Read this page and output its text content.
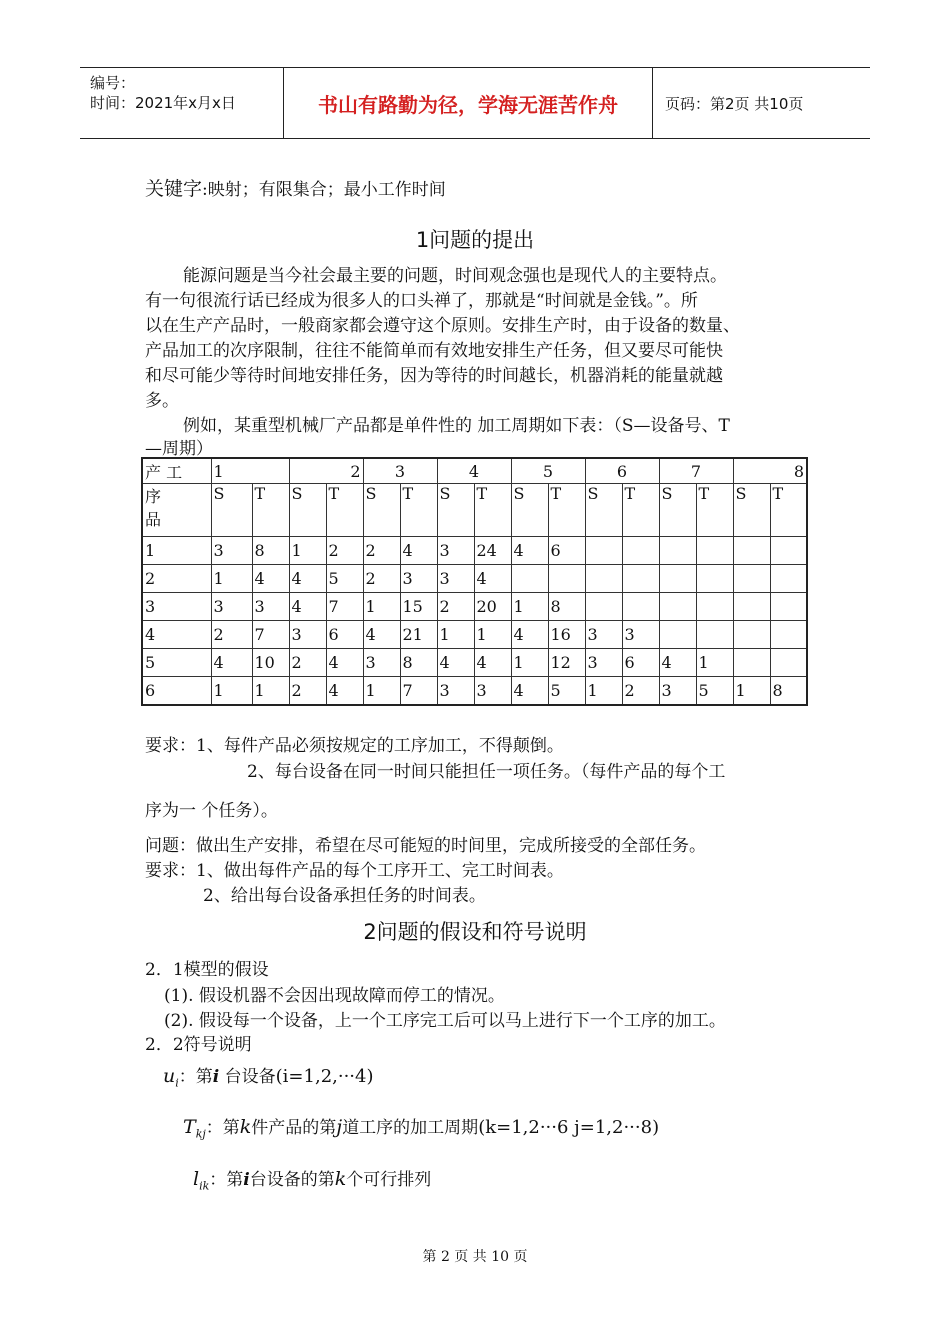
编号：
时间：2021年x月x日	书山有路勤为径，学海无涯苦作舟	页码：第2页 共10页
关键字:映射；有限集合；最小工作时间
1问题的提出
能源问题是当今社会最主要的问题，时间观念强也是现代人的主要特点。
有一句很流行话已经成为很多人的口头禅了，那就是“时间就是金钱。”。所
以在生产产品时，一般商家都会遵守这个原则。安排生产时，由于设备的数量、
产品加工的次序限制，往往不能简单而有效地安排生产任务，但又要尽可能快
和尽可能少等待时间地安排任务，因为等待的时间越长，机器消耗的能量就越
多。
例如，某重型机械厂产品都是单件性的 加工周期如下表：（S—设备号、T
—周期）
产 工	1		2		3		4		5		6		7		8	

序
品	S	T	S	T	S	T	S	T	S	T	S	T	S	T	S	T
1	3	8	1	2	2	4	3	24	4	6						
2	1	4	4	5	2	3	3	4								
3	3	3	4	7	1	15	2	20	1	8						
4	2	7	3	6	4	21	1	1	4	16	3	3				
5	4	10	2	4	3	8	4	4	1	12	3	6	4	1		
6	1	1	2	4	1	7	3	3	4	5	1	2	3	5	1	8
要求：1、每件产品必须按规定的工序加工，不得颠倒。
2、每台设备在同一时间只能担任一项任务。（每件产品的每个工
序为一 个任务）。
问题：做出生产安排，希望在尽可能短的时间里，完成所接受的全部任务。
要求：1、做出每件产品的每个工序开工、完工时间表。
2、给出每台设备承担任务的时间表。
2问题的假设和符号说明
2．1模型的假设
(1). 假设机器不会因出现故障而停工的情况。
(2). 假设每一个设备，上一个工序完工后可以马上进行下一个工序的加工。
2．2符号说明
$u_i$：第i 台设备(i=1,2,···4)
$T_{kj}$：第k件产品的第j道工序的加工周期(k=1,2···6 j=1,2···8)
$l_{ik}$：第i台设备的第k个可行排列
第 2 页 共 10 页
